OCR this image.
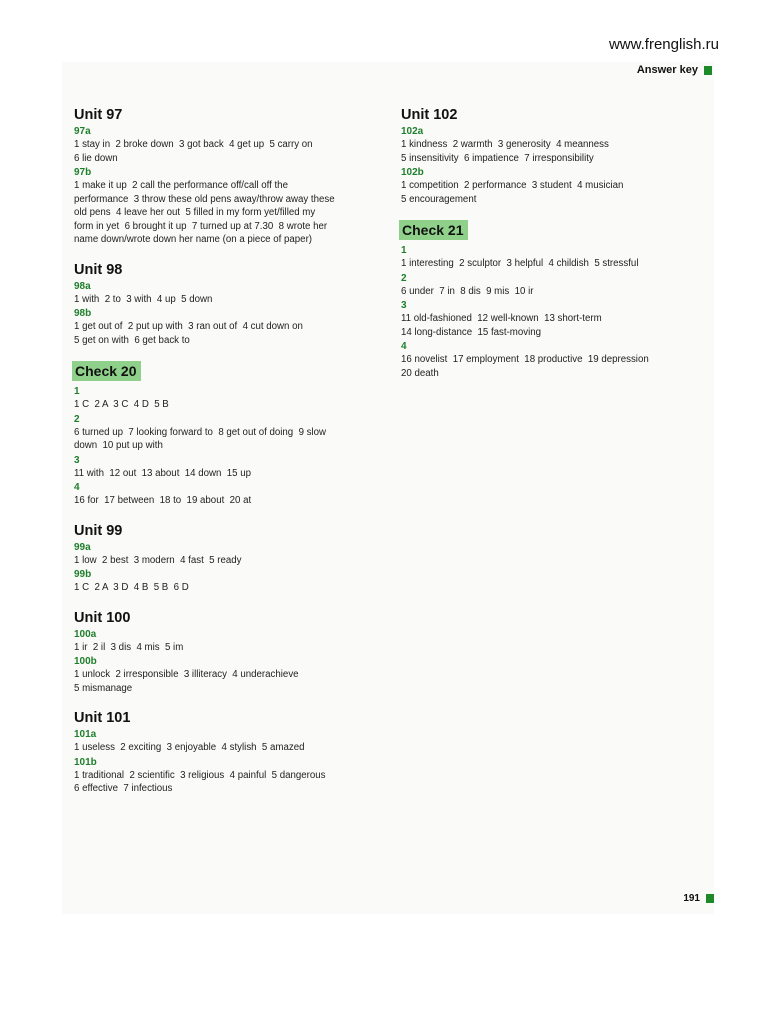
www.frenglish.ru
Answer key
Unit 97
97a
1 stay in  2 broke down  3 got back  4 get up  5 carry on
6 lie down
97b
1 make it up  2 call the performance off/call off the
performance  3 throw these old pens away/throw away these
old pens  4 leave her out  5 filled in my form yet/filled my
form in yet  6 brought it up  7 turned up at 7.30  8 wrote her
name down/wrote down her name (on a piece of paper)
Unit 98
98a
1 with  2 to  3 with  4 up  5 down
98b
1 get out of  2 put up with  3 ran out of  4 cut down on
5 get on with  6 get back to
Check 20
1
1 C  2 A  3 C  4 D  5 B
2
6 turned up  7 looking forward to  8 get out of doing  9 slow
down  10 put up with
3
11 with  12 out  13 about  14 down  15 up
4
16 for  17 between  18 to  19 about  20 at
Unit 99
99a
1 low  2 best  3 modern  4 fast  5 ready
99b
1 C  2 A  3 D  4 B  5 B  6 D
Unit 100
100a
1 ir  2 il  3 dis  4 mis  5 im
100b
1 unlock  2 irresponsible  3 illiteracy  4 underachieve
5 mismanage
Unit 101
101a
1 useless  2 exciting  3 enjoyable  4 stylish  5 amazed
101b
1 traditional  2 scientific  3 religious  4 painful  5 dangerous
6 effective  7 infectious
Unit 102
102a
1 kindness  2 warmth  3 generosity  4 meanness
5 insensitivity  6 impatience  7 irresponsibility
102b
1 competition  2 performance  3 student  4 musician
5 encouragement
Check 21
1
1 interesting  2 sculptor  3 helpful  4 childish  5 stressful
2
6 under  7 in  8 dis  9 mis  10 ir
3
11 old-fashioned  12 well-known  13 short-term
14 long-distance  15 fast-moving
4
16 novelist  17 employment  18 productive  19 depression
20 death
191
